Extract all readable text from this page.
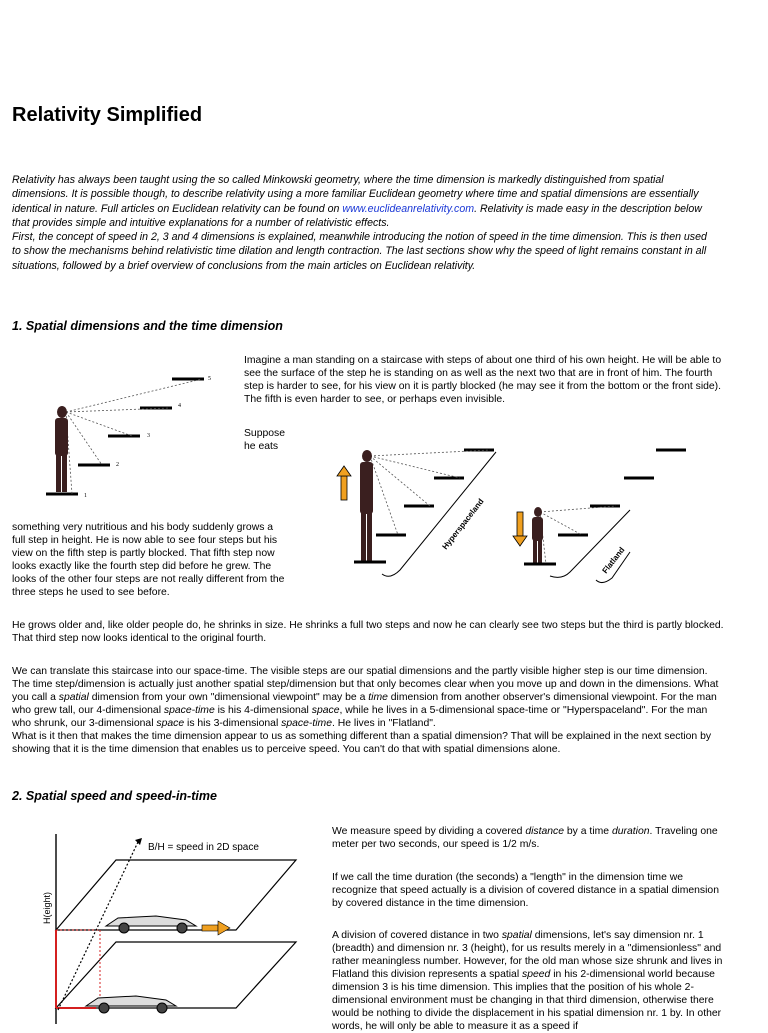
Relativity Simplified
Relativity has always been taught using the so called Minkowski geometry, where the time dimension is markedly distinguished from spatial dimensions. It is possible though, to describe relativity using a more familiar Euclidean geometry where time and spatial dimensions are essentially identical in nature. Full articles on Euclidean relativity can be found on www.euclideanrelativity.com. Relativity is made easy in the description below that provides simple and intuitive explanations for a number of relativistic effects.
First, the concept of speed in 2, 3 and 4 dimensions is explained, meanwhile introducing the notion of speed in the time dimension. This is then used to show the mechanisms behind relativistic time dilation and length contraction. The last sections show why the speed of light remains constant in all situations, followed by a brief overview of conclusions from the main articles on Euclidean relativity.
1. Spatial dimensions and the time dimension
1
2
3
4
5
Imagine a man standing on a staircase with steps of about one third of his own height. He will be able to see the surface of the step he is standing on as well as the next two that are in front of him. The fourth step is harder to see, for his view on it is partly blocked (he may see it from the bottom or the front side). The fifth is even harder to see, or perhaps even invisible.
Suppose
he eats
Hyperspaceland
Flatland
something very nutritious and his body suddenly grows a full step in height. He is now able to see four steps but his view on the fifth step is partly blocked. That fifth step now looks exactly like the fourth step did before he grew. The looks of the other four steps are not really different from the three steps he used to see before.
He grows older and, like older people do, he shrinks in size. He shrinks a full two steps and now he can clearly see two steps but the third is partly blocked. That third step now looks identical to the original fourth.
We can translate this staircase into our space-time. The visible steps are our spatial dimensions and the partly visible higher step is our time dimension. The time step/dimension is actually just another spatial step/dimension but that only becomes clear when you move up and down in the dimensions. What you call a spatial dimension from your own "dimensional viewpoint" may be a time dimension from another observer's dimensional viewpoint. For the man who grew tall, our 4-dimensional space-time is his 4-dimensional space, while he lives in a 5-dimensional space-time or "Hyperspaceland". For the man who shrunk, our 3-dimensional space is his 3-dimensional space-time. He lives in "Flatland".
What is it then that makes the time dimension appear to us as something different than a spatial dimension? That will be explained in the next section by showing that it is the time dimension that enables us to perceive speed. You can't do that with spatial dimensions alone.
2. Spatial speed and speed-in-time
B/H = speed in 2D space
H(eight)
We measure speed by dividing a covered distance by a time duration. Traveling one meter per two seconds, our speed is 1/2 m/s.
If we call the time duration (the seconds) a "length" in the dimension time we recognize that speed actually is a division of covered distance in a spatial dimension by covered distance in the time dimension.
A division of covered distance in two spatial dimensions, let's say dimension nr. 1 (breadth) and dimension nr. 3 (height), for us results merely in a "dimensionless" and rather meaningless number. However, for the old man whose size shrunk and lives in Flatland this division represents a spatial speed in his 2-dimensional world because dimension 3 is his time dimension. This implies that the position of his whole 2-dimensional environment must be changing in that third dimension, otherwise there would be nothing to divide the displacement in his spatial dimension nr. 1 by. In other words, he will only be able to measure it as a speed if
